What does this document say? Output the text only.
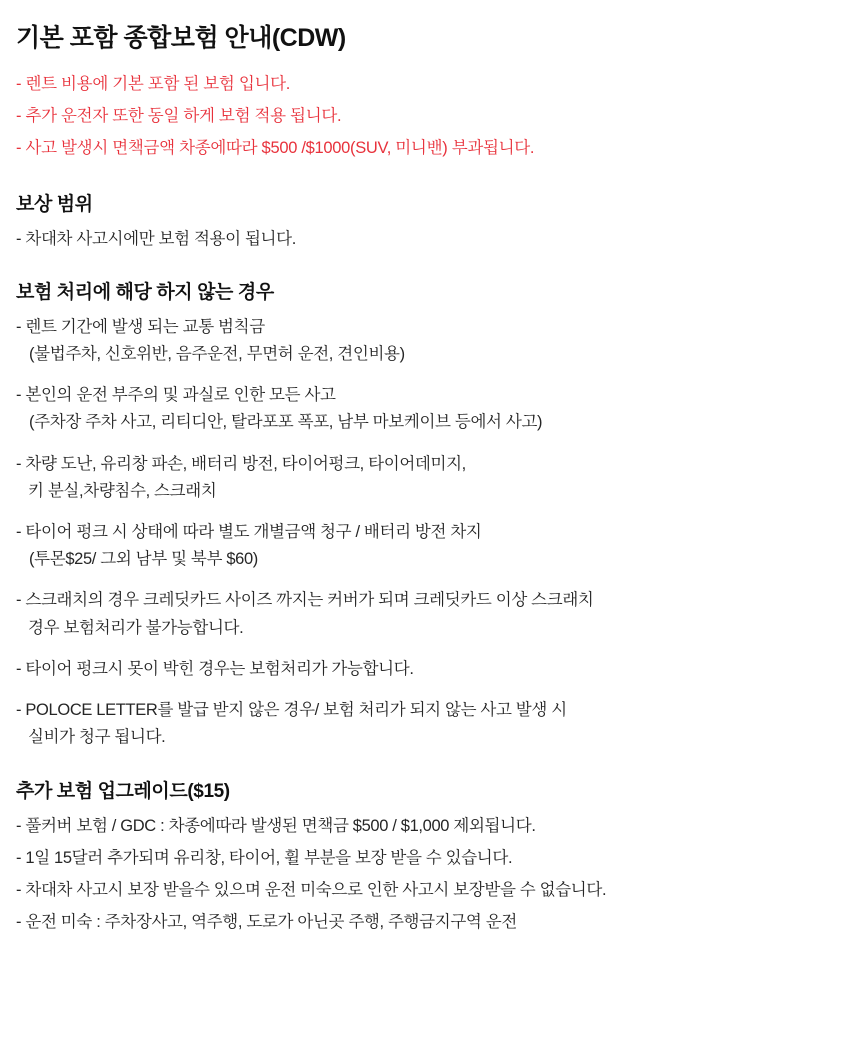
기본 포함 종합보험 안내(CDW)
- 렌트 비용에 기본 포함 된 보험 입니다.
- 추가 운전자 또한 동일 하게 보험 적용 됩니다.
- 사고 발생시 면책금액 차종에따라 $500 /$1000(SUV, 미니밴) 부과됩니다.
보상 범위
- 차대차 사고시에만 보험 적용이 됩니다.
보험 처리에 해당 하지 않는 경우
- 렌트 기간에 발생 되는 교통 범칙금
(불법주차, 신호위반, 음주운전, 무면허 운전, 견인비용)
- 본인의 운전 부주의 및 과실로 인한 모든 사고
(주차장 주차 사고, 리티디안, 탈라포포 폭포, 남부 마보케이브 등에서 사고)
- 차량 도난, 유리창 파손, 배터리 방전, 타이어펑크, 타이어데미지,
키 분실,차량침수, 스크래치
- 타이어 펑크 시 상태에 따라 별도 개별금액 청구 / 배터리 방전 차지
(투몬$25/ 그외 남부 및 북부 $60)
- 스크래치의 경우 크레딧카드 사이즈 까지는 커버가 되며 크레딧카드 이상 스크래치
경우 보험처리가 불가능합니다.
- 타이어 펑크시 못이 박힌 경우는 보험처리가 가능합니다.
- POLOCE LETTER를 발급 받지 않은 경우/ 보험 처리가 되지 않는 사고 발생 시
실비가 청구 됩니다.
추가 보험 업그레이드($15)
- 풀커버 보험 / GDC : 차종에따라 발생된 면책금 $500 / $1,000 제외됩니다.
- 1일 15달러 추가되며 유리창, 타이어, 휠 부분을 보장 받을 수 있습니다.
- 차대차 사고시 보장 받을수 있으며 운전 미숙으로 인한 사고시 보장받을 수 없습니다.
- 운전 미숙 : 주차장사고, 역주행, 도로가 아닌곳 주행, 주행금지구역 운전
